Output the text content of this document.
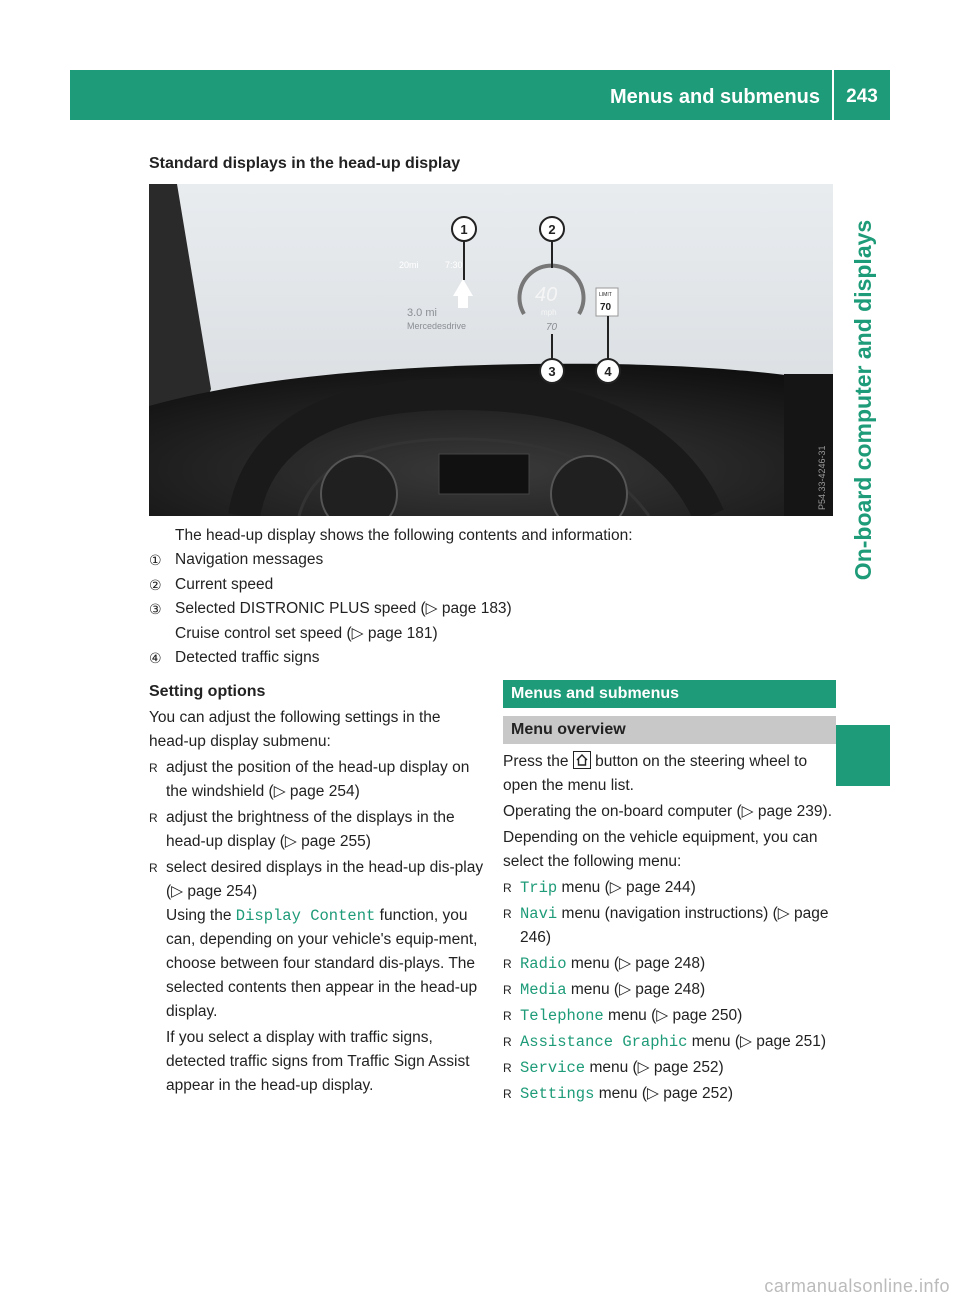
Menus and submenus	243
On-board computer and displays
Standard displays in the head-up display
20mi	7:30
3.0 mi
Mercedesdrive
40
mph
70
LIMIT
70
1	2
3	4
P54.33-4246-31
The head-up display shows the following contents and information:
① Navigation messages
② Current speed
③ Selected DISTRONIC PLUS speed (▷ page 183)
Cruise control set speed (▷ page 181)
④ Detected traffic signs
Setting options

You can adjust the following settings in the head-up display submenu:

R adjust the position of the head-up display on the windshield (▷ page 254)
R adjust the brightness of the displays in the head-up display (▷ page 255)
R select desired displays in the head-up dis-play (▷ page 254)

Using the Display Content function, you can, depending on your vehicle's equip-ment, choose between four standard dis-plays. The selected contents then appear in the head-up display.

If you select a display with traffic signs, detected traffic signs from Traffic Sign Assist appear in the head-up display.

Menus and submenus
Menu overview

Press the button on the steering wheel to open the menu list.

Operating the on-board computer (▷ page 239).

Depending on the vehicle equipment, you can select the following menu:

R Trip menu (▷ page 244)
R Navi menu (navigation instructions) (▷ page 246)
R Radio menu (▷ page 248)
R Media menu (▷ page 248)
R Telephone menu (▷ page 250)
R Assistance Graphic menu (▷ page 251)
R Service menu (▷ page 252)
R Settings menu (▷ page 252)
carmanualsonline.info
